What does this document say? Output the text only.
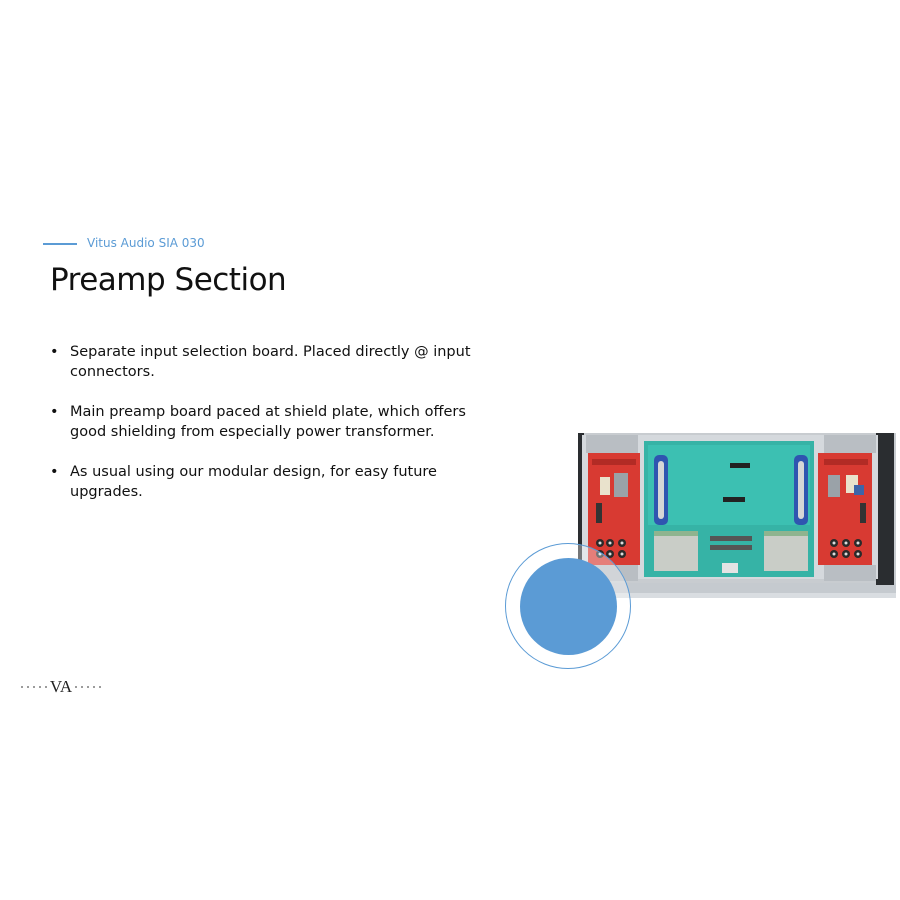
Vitus Audio SIA 030
Preamp Section
• Separate input selection board. Placed directly @ input connectors.
• Main preamp board paced at shield plate, which offers good shielding from especially power transformer.
• As usual using our modular design, for easy future upgrades.
VA
